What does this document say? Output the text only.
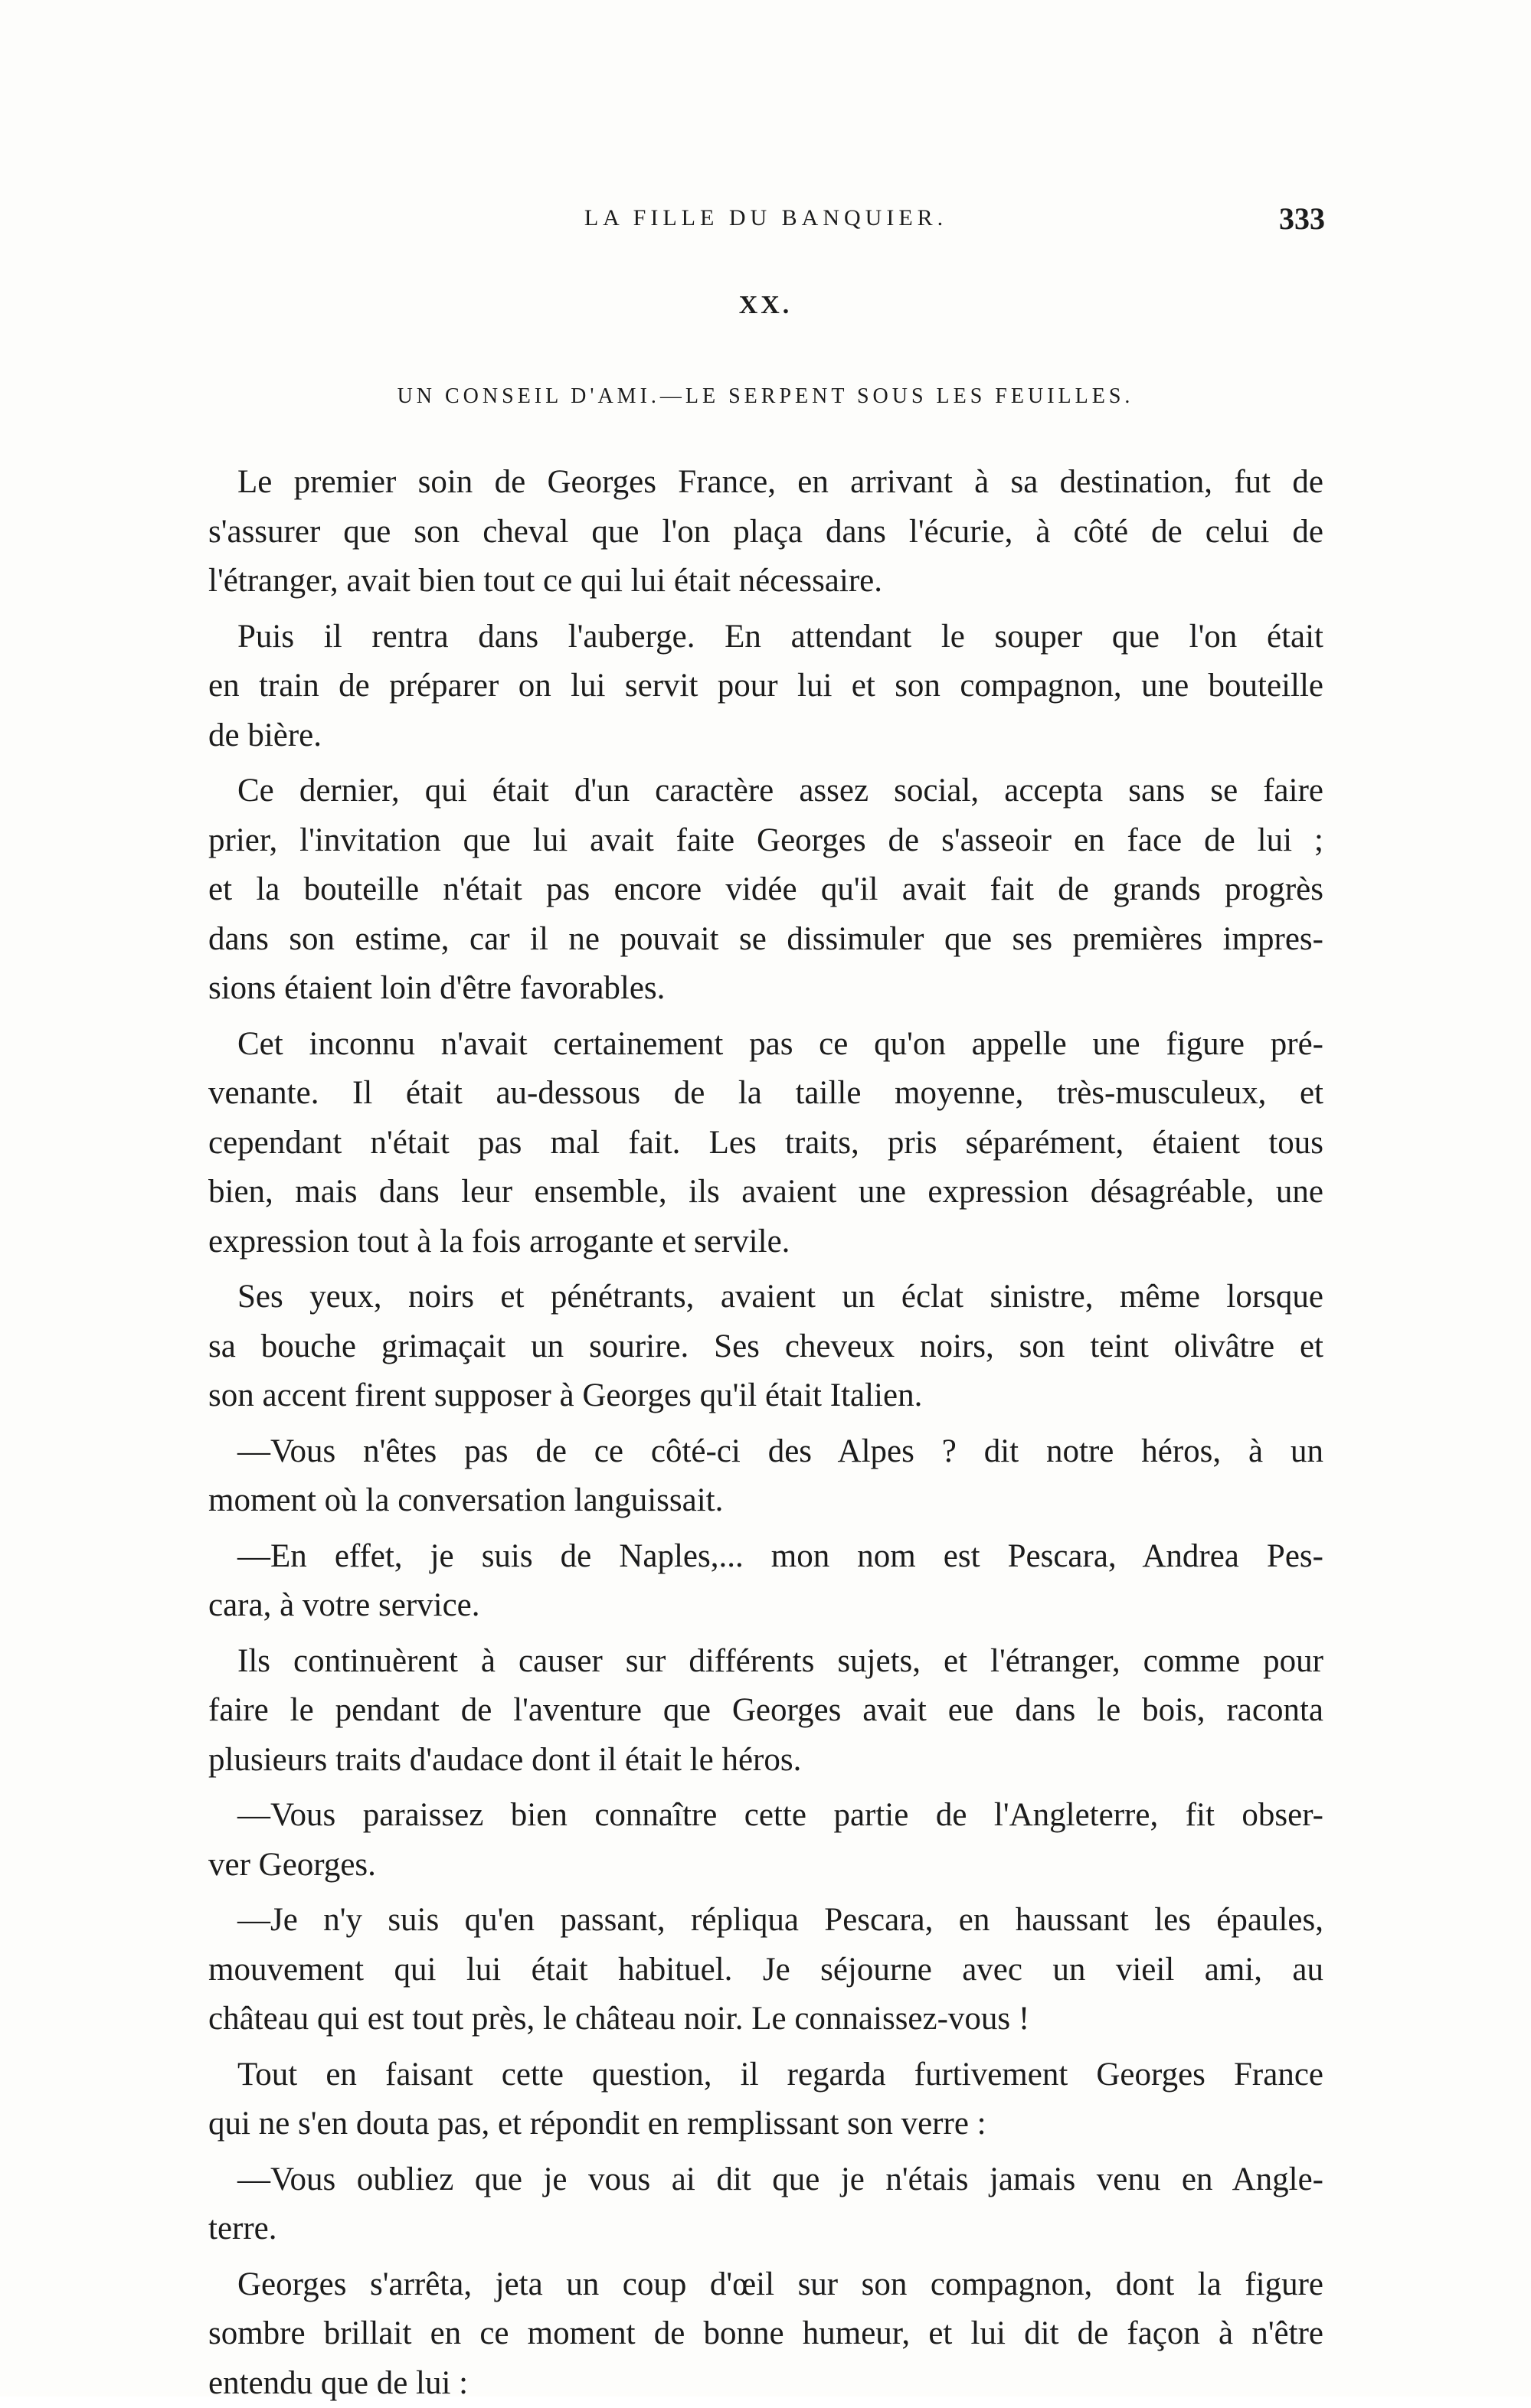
LA FILLE DU BANQUIER.	333
XX.
UN CONSEIL D'AMI.—LE SERPENT SOUS LES FEUILLES.
Le premier soin de Georges France, en arrivant à sa destination, fut de
s'assurer que son cheval que l'on plaça dans l'écurie, à côté de celui de
l'étranger, avait bien tout ce qui lui était nécessaire.
Puis il rentra dans l'auberge. En attendant le souper que l'on était
en train de préparer on lui servit pour lui et son compagnon, une bouteille
de bière.
Ce dernier, qui était d'un caractère assez social, accepta sans se faire
prier, l'invitation que lui avait faite Georges de s'asseoir en face de lui ;
et la bouteille n'était pas encore vidée qu'il avait fait de grands progrès
dans son estime, car il ne pouvait se dissimuler que ses premières impres-
sions étaient loin d'être favorables.
Cet inconnu n'avait certainement pas ce qu'on appelle une figure pré-
venante. Il était au-dessous de la taille moyenne, très-musculeux, et
cependant n'était pas mal fait. Les traits, pris séparément, étaient tous
bien, mais dans leur ensemble, ils avaient une expression désagréable, une
expression tout à la fois arrogante et servile.
Ses yeux, noirs et pénétrants, avaient un éclat sinistre, même lorsque
sa bouche grimaçait un sourire. Ses cheveux noirs, son teint olivâtre et
son accent firent supposer à Georges qu'il était Italien.
—Vous n'êtes pas de ce côté-ci des Alpes ? dit notre héros, à un
moment où la conversation languissait.
—En effet, je suis de Naples,... mon nom est Pescara, Andrea Pes-
cara, à votre service.
Ils continuèrent à causer sur différents sujets, et l'étranger, comme pour
faire le pendant de l'aventure que Georges avait eue dans le bois, raconta
plusieurs traits d'audace dont il était le héros.
—Vous paraissez bien connaître cette partie de l'Angleterre, fit obser-
ver Georges.
—Je n'y suis qu'en passant, répliqua Pescara, en haussant les épaules,
mouvement qui lui était habituel. Je séjourne avec un vieil ami, au
château qui est tout près, le château noir. Le connaissez-vous !
Tout en faisant cette question, il regarda furtivement Georges France
qui ne s'en douta pas, et répondit en remplissant son verre :
—Vous oubliez que je vous ai dit que je n'étais jamais venu en Angle-
terre.
Georges s'arrêta, jeta un coup d'œil sur son compagnon, dont la figure
sombre brillait en ce moment de bonne humeur, et lui dit de façon à n'être
entendu que de lui :
